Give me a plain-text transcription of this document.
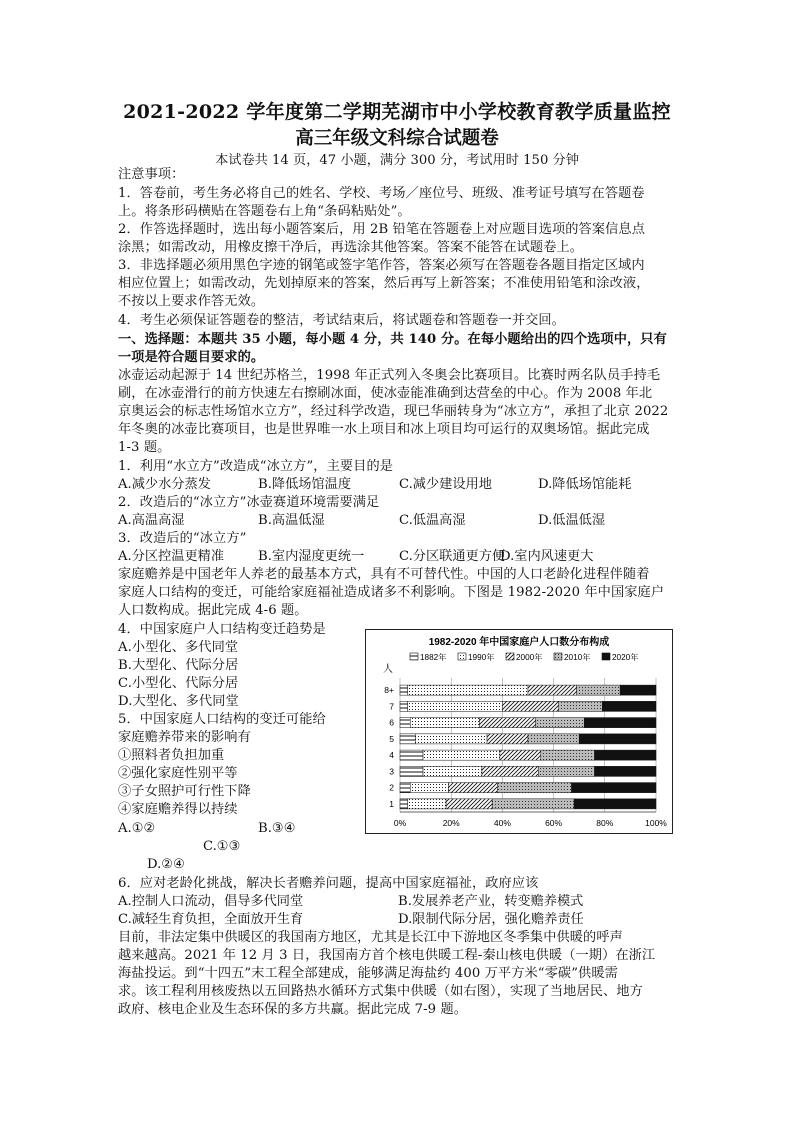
2021-2022 学年度第二学期芜湖市中小学校教育教学质量监控
高三年级文科综合试题卷
本试卷共 14 页，47 小题，满分 300 分，考试用时 150 分钟
注意事项：
1．答卷前，考生务必将自己的姓名、学校、考场／座位号、班级、准考证号填写在答题卷
上。将条形码横贴在答题卷右上角“条码粘贴处”。
2．作答选择题时，选出每小题答案后，用 2B 铅笔在答题卷上对应题目选项的答案信息点
涂黑；如需改动，用橡皮擦干净后，再选涂其他答案。答案不能答在试题卷上。
3．非选择题必须用黑色字迹的钢笔或签字笔作答，答案必须写在答题卷各题目指定区域内
相应位置上；如需改动，先划掉原来的答案，然后再写上新答案；不准使用铅笔和涂改液，
不按以上要求作答无效。
4．考生必须保证答题卷的整洁，考试结束后，将试题卷和答题卷一并交回。
一、选择题：本题共 35 小题，每小题 4 分，共 140 分。在每小题给出的四个选项中，只有
一项是符合题目要求的。
冰壶运动起源于 14 世纪苏格兰，1998 年正式列入冬奥会比赛项目。比赛时两名队员手持毛
刷，在冰壶滑行的前方快速左右擦刷冰面，使冰壶能准确到达营垒的中心。作为 2008 年北
京奥运会的标志性场馆水立方”，经过科学改造，现已华丽转身为“冰立方”，承担了北京 2022
年冬奥的冰壶比赛项目，也是世界唯一水上项目和冰上项目均可运行的双奥场馆。据此完成
1-3 题。
1．利用“水立方”改造成“冰立方”，主要目的是
A.减少水分蒸发	B.降低场馆温度	C.减少建设用地	D.降低场馆能耗
2．改造后的“冰立方”冰壶赛道环境需要满足
A.高温高湿	B.高温低湿	C.低温高湿	D.低温低湿
3．改造后的“冰立方”
A.分区控温更精准	B.室内湿度更统一	C.分区联通更方便
D.室内风速更大
家庭赡养是中国老年人养老的最基本方式，具有不可替代性。中国的人口老龄化进程伴随着
家庭人口结构的变迁，可能给家庭福祉造成诸多不利影响。下图是 1982-2020 年中国家庭户
人口数构成。据此完成 4-6 题。
4．中国家庭户人口结构变迁趋势是
A.小型化、多代同堂
B.大型化、代际分居
C.小型化、代际分居
D.大型化、多代同堂
5．中国家庭人口结构的变迁可能给
家庭赡养带来的影响有
①照料者负担加重
②强化家庭性别平等
③子女照护可行性下降
④家庭赡养得以持续
A.①②	B.③④
C.①③
D.②④
6．应对老龄化挑战，解决长者赡养问题，提高中国家庭福祉，政府应该
A.控制人口流动，倡导多代同堂	B.发展养老产业，转变赡养模式
C.减轻生育负担，全面放开生育	D.限制代际分居，强化赡养责任
目前，非法定集中供暖区的我国南方地区，尤其是长江中下游地区冬季集中供暖的呼声
越来越高。2021 年 12 月 3 日，我国南方首个核电供暖工程-秦山核电供暖（一期）在浙江
海盐投运。到“十四五”末工程全部建成，能够满足海盐约 400 万平方米“零碳”供暖需
求。该工程利用核废热以五回路热水循环方式集中供暖（如右图），实现了当地居民、地方
政府、核电企业及生态环保的多方共赢。据此完成 7-9 题。
1982-2020 年中国家庭户人口数分布构成
人
1882年	1990年	2000年	2010年	2020年
8+
7
6
5
4
3
2
1
0%	20%	40%	60%	80%	100%
